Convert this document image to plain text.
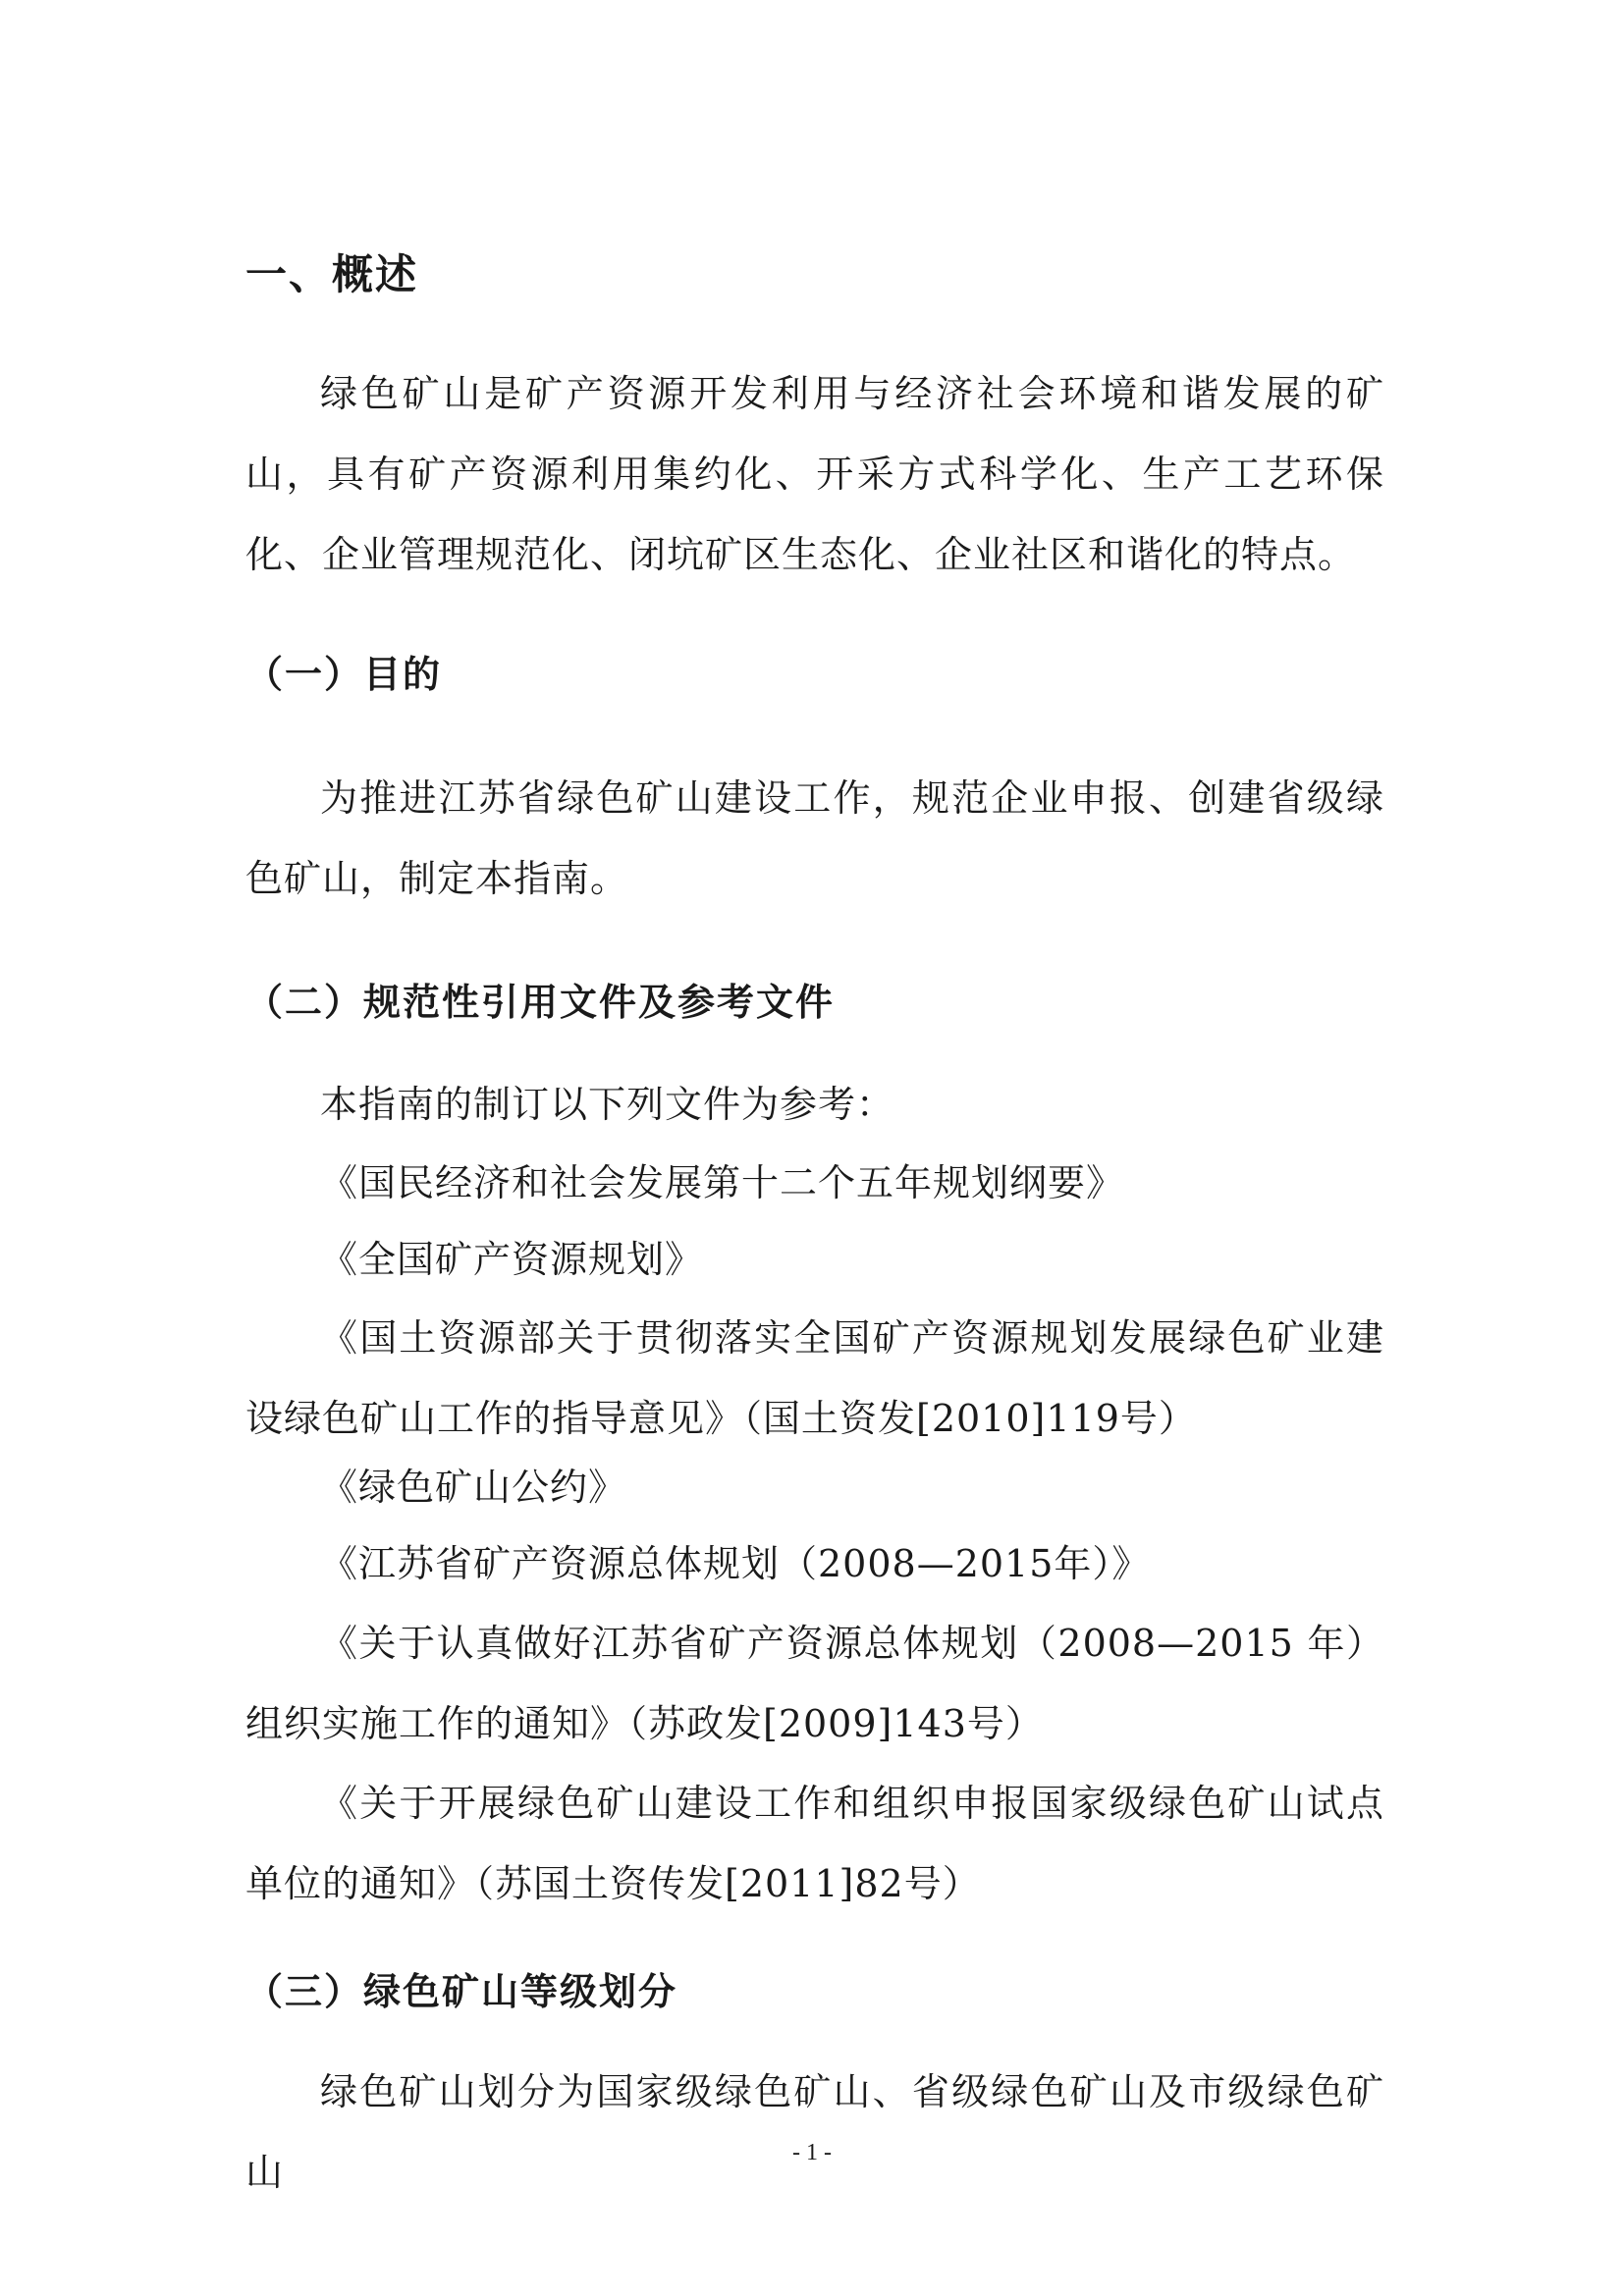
一、概述
绿色矿山是矿产资源开发利用与经济社会环境和谐发展的矿山，具有矿产资源利用集约化、开采方式科学化、生产工艺环保化、企业管理规范化、闭坑矿区生态化、企业社区和谐化的特点。
（一）目的
为推进江苏省绿色矿山建设工作，规范企业申报、创建省级绿色矿山，制定本指南。
（二）规范性引用文件及参考文件
本指南的制订以下列文件为参考：
《国民经济和社会发展第十二个五年规划纲要》
《全国矿产资源规划》
《国土资源部关于贯彻落实全国矿产资源规划发展绿色矿业建设绿色矿山工作的指导意见》（国土资发[2010]119号）
《绿色矿山公约》
《江苏省矿产资源总体规划（2008—2015年）》
《关于认真做好江苏省矿产资源总体规划（2008—2015 年）组织实施工作的通知》（苏政发[2009]143号）
《关于开展绿色矿山建设工作和组织申报国家级绿色矿山试点单位的通知》（苏国土资传发[2011]82号）
（三）绿色矿山等级划分
绿色矿山划分为国家级绿色矿山、省级绿色矿山及市级绿色矿山	- 1 -
